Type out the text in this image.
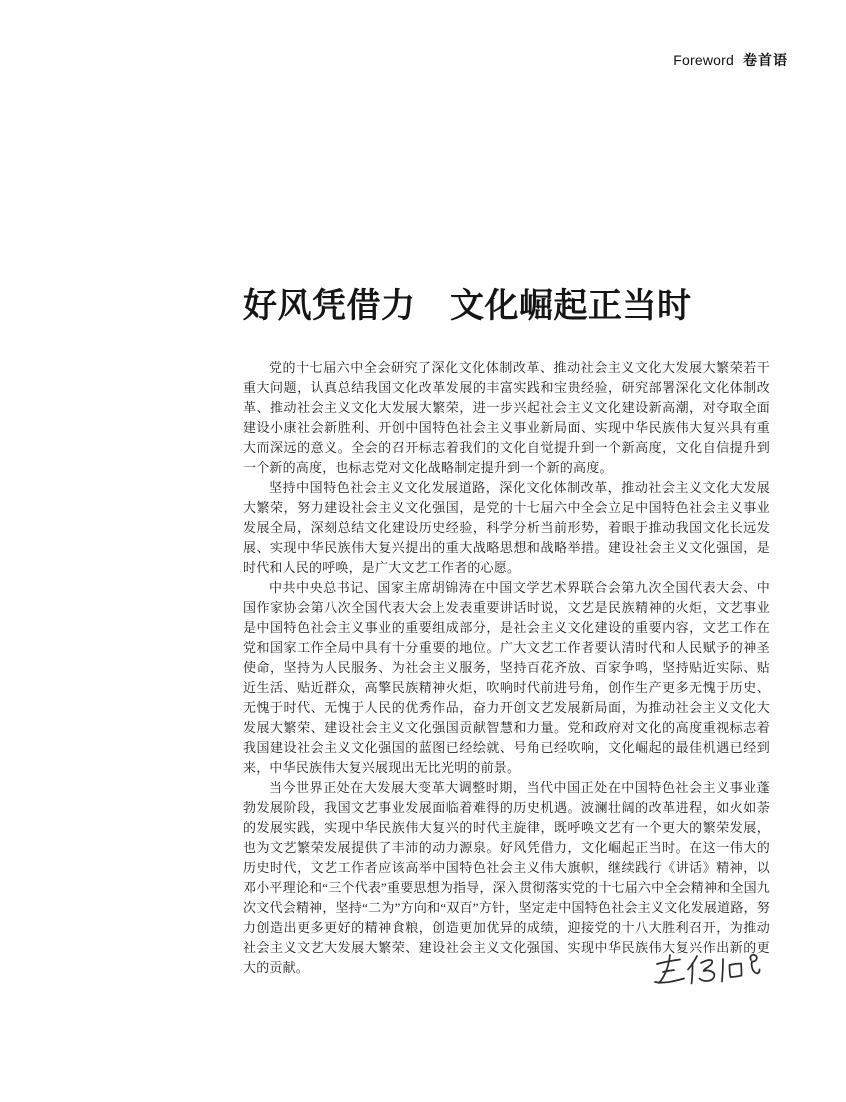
Foreword 卷首语
好风凭借力　文化崛起正当时

党的十七届六中全会研究了深化文化体制改革、推动社会主义文化大发展大繁荣若干重大问题，认真总结我国文化改革发展的丰富实践和宝贵经验，研究部署深化文化体制改革、推动社会主义文化大发展大繁荣，进一步兴起社会主义文化建设新高潮，对夺取全面建设小康社会新胜利、开创中国特色社会主义事业新局面、实现中华民族伟大复兴具有重大而深远的意义。全会的召开标志着我们的文化自觉提升到一个新高度，文化自信提升到一个新的高度，也标志党对文化战略制定提升到一个新的高度。

坚持中国特色社会主义文化发展道路，深化文化体制改革，推动社会主义文化大发展大繁荣，努力建设社会主义文化强国，是党的十七届六中全会立足中国特色社会主义事业发展全局，深刻总结文化建设历史经验，科学分析当前形势，着眼于推动我国文化长远发展、实现中华民族伟大复兴提出的重大战略思想和战略举措。建设社会主义文化强国，是时代和人民的呼唤，是广大文艺工作者的心愿。

中共中央总书记、国家主席胡锦涛在中国文学艺术界联合会第九次全国代表大会、中国作家协会第八次全国代表大会上发表重要讲话时说，文艺是民族精神的火炬，文艺事业是中国特色社会主义事业的重要组成部分，是社会主义文化建设的重要内容，文艺工作在党和国家工作全局中具有十分重要的地位。广大文艺工作者要认清时代和人民赋予的神圣使命，坚持为人民服务、为社会主义服务，坚持百花齐放、百家争鸣，坚持贴近实际、贴近生活、贴近群众，高擎民族精神火炬，吹响时代前进号角，创作生产更多无愧于历史、无愧于时代、无愧于人民的优秀作品，奋力开创文艺发展新局面，为推动社会主义文化大发展大繁荣、建设社会主义文化强国贡献智慧和力量。党和政府对文化的高度重视标志着我国建设社会主义文化强国的蓝图已经绘就、号角已经吹响，文化崛起的最佳机遇已经到来，中华民族伟大复兴展现出无比光明的前景。

当今世界正处在大发展大变革大调整时期，当代中国正处在中国特色社会主义事业蓬勃发展阶段，我国文艺事业发展面临着难得的历史机遇。波澜壮阔的改革进程，如火如荼的发展实践，实现中华民族伟大复兴的时代主旋律，既呼唤文艺有一个更大的繁荣发展，也为文艺繁荣发展提供了丰沛的动力源泉。好风凭借力，文化崛起正当时。在这一伟大的历史时代，文艺工作者应该高举中国特色社会主义伟大旗帜，继续践行《讲话》精神，以邓小平理论和“三个代表”重要思想为指导，深入贯彻落实党的十七届六中全会精神和全国九次文代会精神，坚持“二为”方向和“双百”方针，坚定走中国特色社会主义文化发展道路，努力创造出更多更好的精神食粮，创造更加优异的成绩，迎接党的十八大胜利召开，为推动社会主义文艺大发展大繁荣、建设社会主义文化强国、实现中华民族伟大复兴作出新的更大的贡献。
